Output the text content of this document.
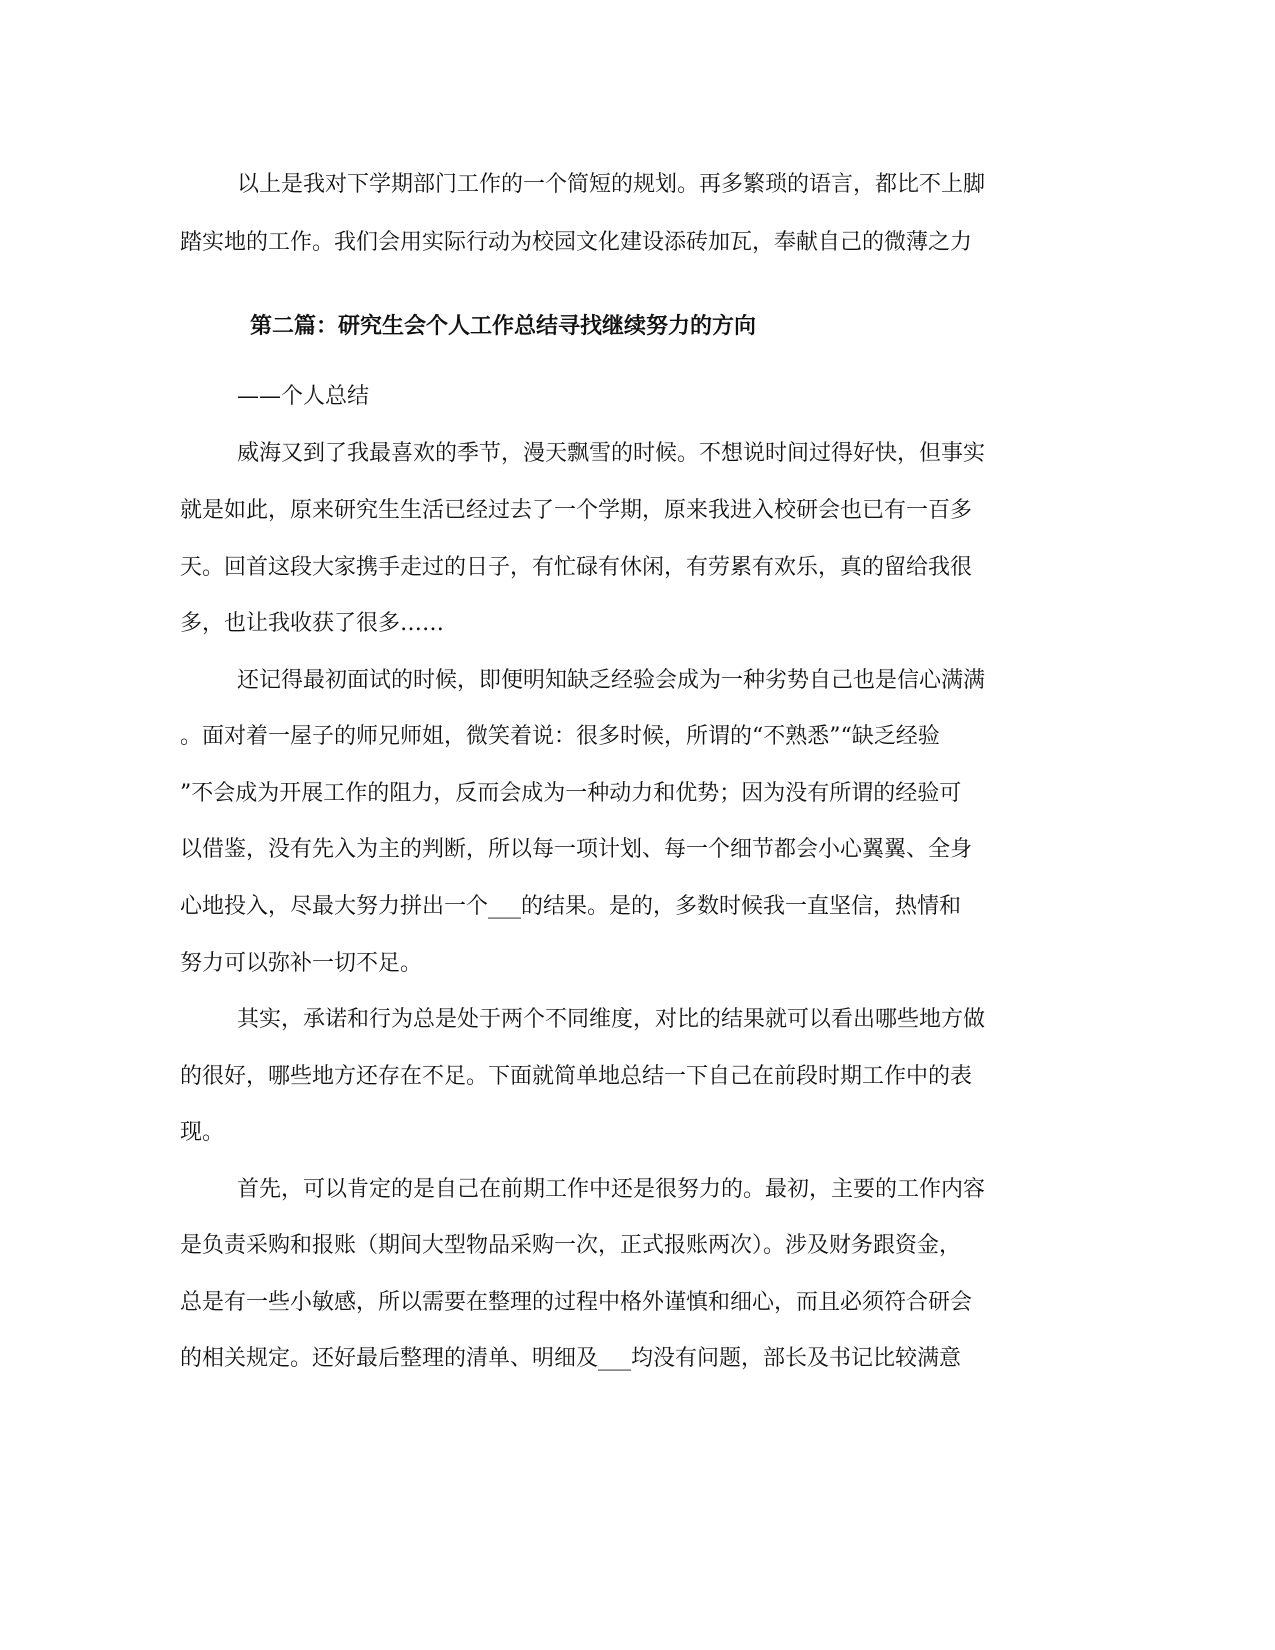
以上是我对下学期部门工作的一个简短的规划。再多繁琐的语言，都比不上脚
踏实地的工作。我们会用实际行动为校园文化建设添砖加瓦，奉献自己的微薄之力
第二篇：研究生会个人工作总结寻找继续努力的方向
——个人总结
威海又到了我最喜欢的季节，漫天飘雪的时候。不想说时间过得好快，但事实
就是如此，原来研究生生活已经过去了一个学期，原来我进入校研会也已有一百多
天。回首这段大家携手走过的日子，有忙碌有休闲，有劳累有欢乐，真的留给我很
多，也让我收获了很多……
还记得最初面试的时候，即便明知缺乏经验会成为一种劣势自己也是信心满满
。面对着一屋子的师兄师姐，微笑着说：很多时候，所谓的“不熟悉”“缺乏经验
”不会成为开展工作的阻力，反而会成为一种动力和优势；因为没有所谓的经验可
以借鉴，没有先入为主的判断，所以每一项计划、每一个细节都会小心翼翼、全身
心地投入，尽最大努力拼出一个___的结果。是的，多数时候我一直坚信，热情和
努力可以弥补一切不足。
其实，承诺和行为总是处于两个不同维度，对比的结果就可以看出哪些地方做
的很好，哪些地方还存在不足。下面就简单地总结一下自己在前段时期工作中的表
现。
首先，可以肯定的是自己在前期工作中还是很努力的。最初，主要的工作内容
是负责采购和报账（期间大型物品采购一次，正式报账两次）。涉及财务跟资金，
总是有一些小敏感，所以需要在整理的过程中格外谨慎和细心，而且必须符合研会
的相关规定。还好最后整理的清单、明细及___均没有问题，部长及书记比较满意
